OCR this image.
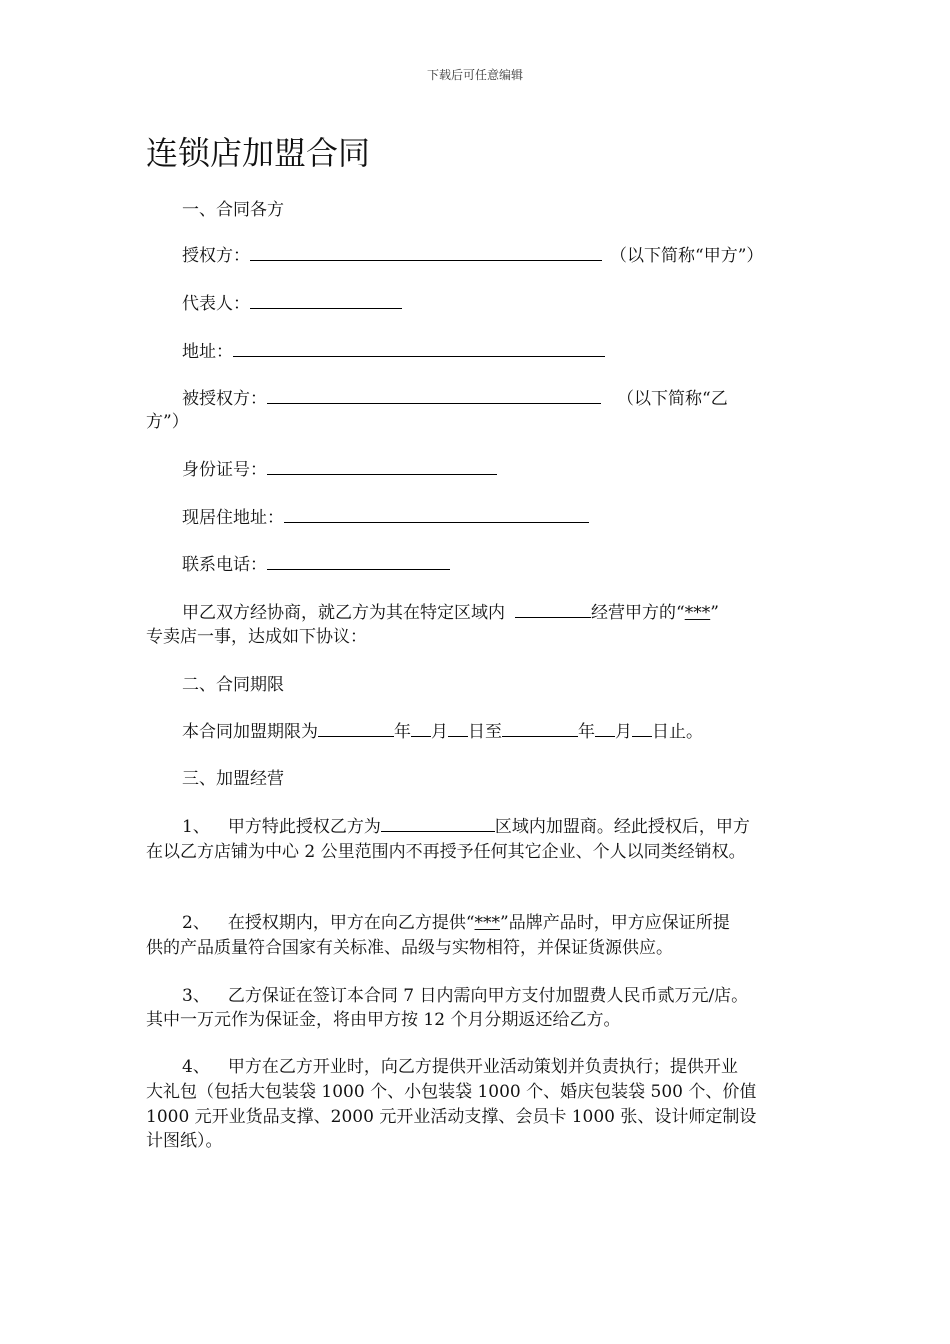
下载后可任意编辑
连锁店加盟合同
一、合同各方
授权方：	（以下简称“甲方”）
代表人：
地址：
被授权方：	（以下简称“乙
方”）
身份证号：
现居住地址：
联系电话：
甲乙双方经协商，就乙方为其在特定区域内	经营甲方的“***”
专卖店一事，达成如下协议：
二、合同期限
本合同加盟期限为	年 月 日至	年 月 日止。
三、加盟经营
1、 甲方特此授权乙方为	区域内加盟商。经此授权后，甲方
在以乙方店铺为中心 2 公里范围内不再授予任何其它企业、个人以同类经销权。
2、 在授权期内，甲方在向乙方提供“***”品牌产品时，甲方应保证所提
供的产品质量符合国家有关标准、品级与实物相符，并保证货源供应。
3、 乙方保证在签订本合同 7 日内需向甲方支付加盟费人民币贰万元/店。
其中一万元作为保证金，将由甲方按 12 个月分期返还给乙方。
4、 甲方在乙方开业时，向乙方提供开业活动策划并负责执行；提供开业
大礼包（包括大包装袋 1000 个、小包装袋 1000 个、婚庆包装袋 500 个、价值
1000 元开业货品支撑、2000 元开业活动支撑、会员卡 1000 张、设计师定制设
计图纸）。
